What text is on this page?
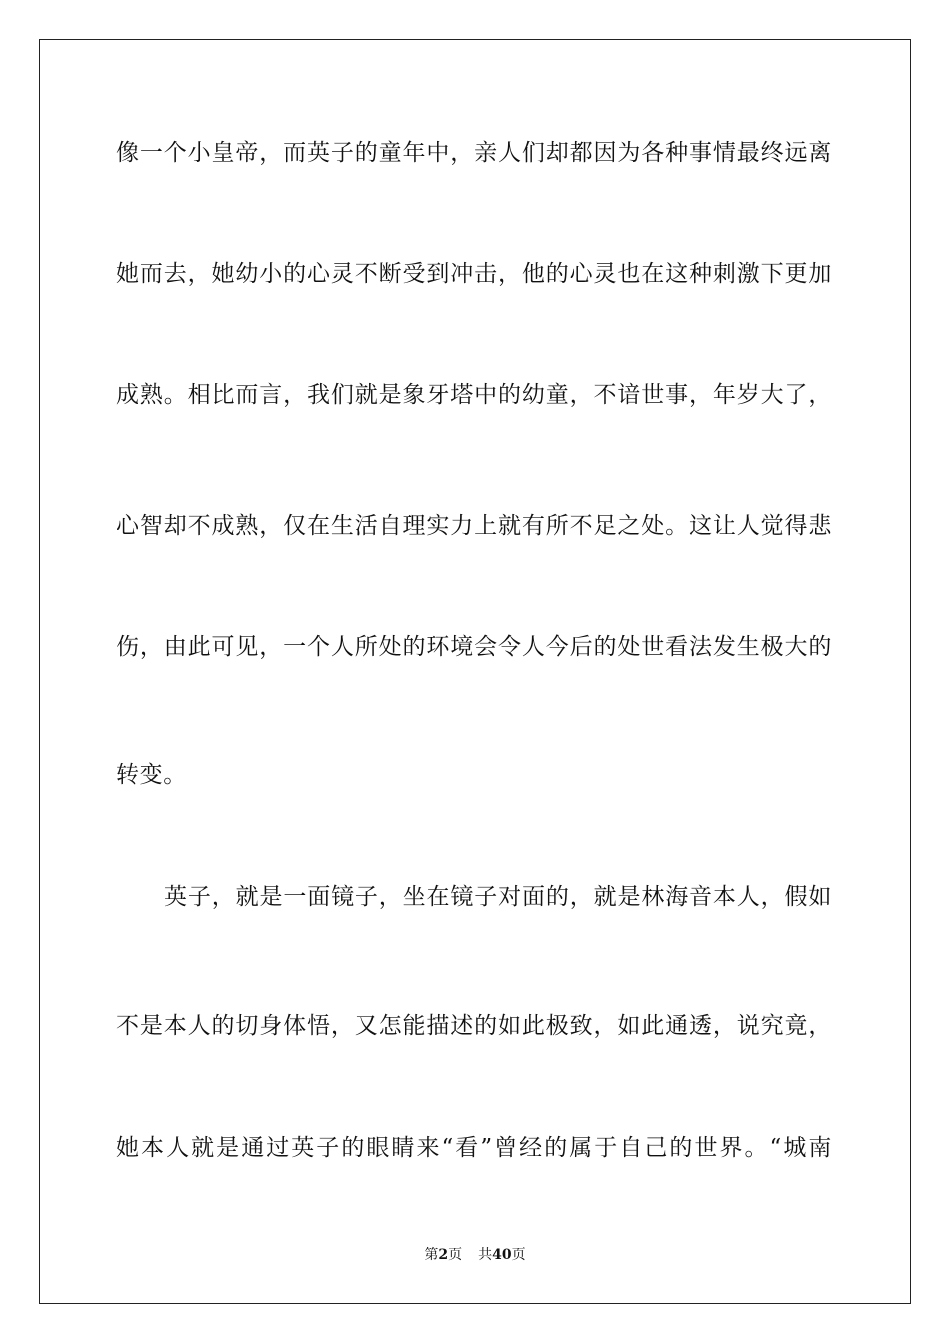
像一个小皇帝，而英子的童年中，亲人们却都因为各种事情最终远离
她而去，她幼小的心灵不断受到冲击，他的心灵也在这种刺激下更加
成熟。相比而言，我们就是象牙塔中的幼童，不谙世事，年岁大了，
心智却不成熟，仅在生活自理实力上就有所不足之处。这让人觉得悲
伤，由此可见，一个人所处的环境会令人今后的处世看法发生极大的
转变。
英子，就是一面镜子，坐在镜子对面的，就是林海音本人，假如
不是本人的切身体悟，又怎能描述的如此极致，如此通透，说究竟，
她本人就是通过英子的眼睛来“看”曾经的属于自己的世界。“城南
第2页 共40页
